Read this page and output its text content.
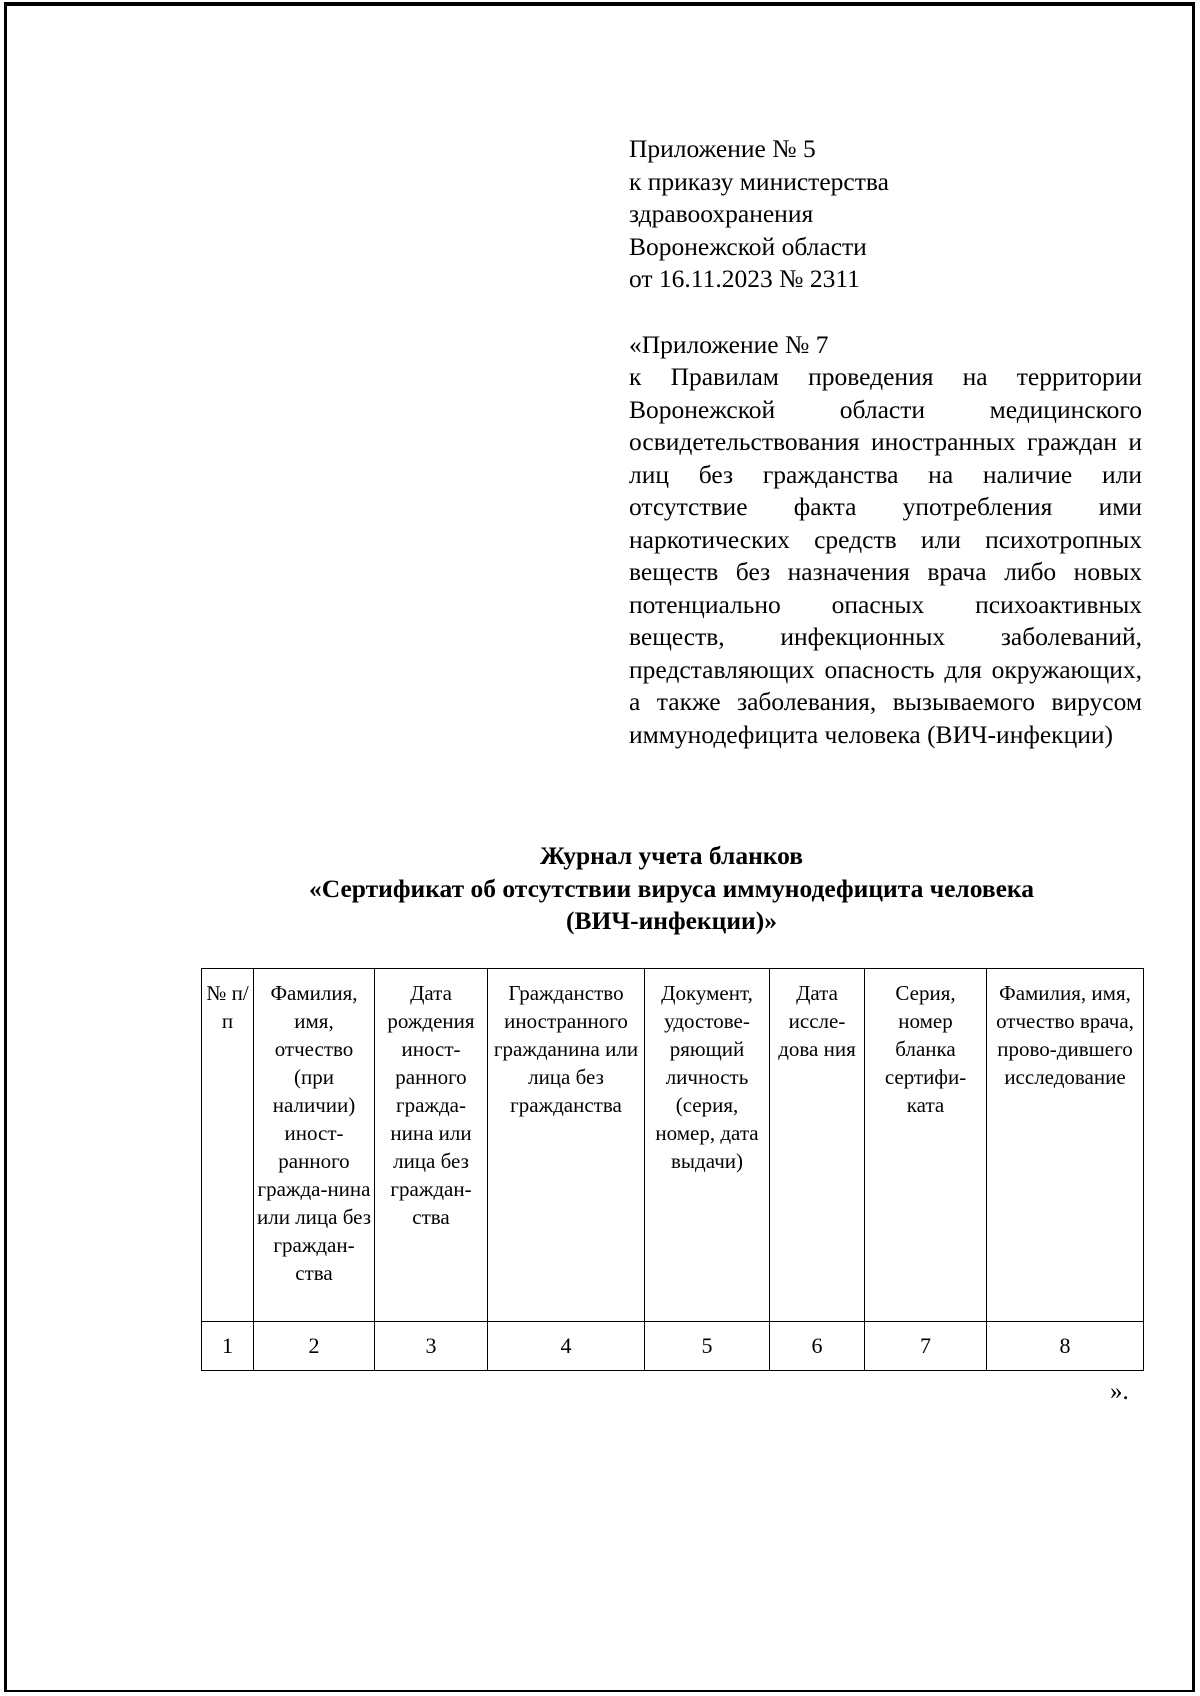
Приложение № 5
к приказу министерства
здравоохранения
Воронежской области
от 16.11.2023 № 2311
«Приложение № 7
к Правилам проведения на территории Воронежской области медицинского освидетельствования иностранных граждан и лиц без гражданства на наличие или отсутствие факта употребления ими наркотических средств или психотропных веществ без назначения врача либо новых потенциально опасных психоактивных веществ, инфекционных заболеваний, представляющих опасность для окружающих, а также заболевания, вызываемого вирусом иммунодефицита человека (ВИЧ-инфекции)
Журнал учета бланков
«Сертификат об отсутствии вируса иммунодефицита человека
(ВИЧ-инфекции)»
№ п/п	Фамилия, имя, отчество (при наличии) иност-ранного гражда-нина или лица без граждан-ства	Дата рождения иност-ранного гражда-нина или лица без граждан-ства	Гражданство иностранного гражданина или лица без гражданства	Документ, удостове-ряющий личность (серия, номер, дата выдачи)	Дата иссле-дова ния	Серия, номер бланка сертифи-ката	Фамилия, имя, отчество врача, прово-дившего исследование
1	2	3	4	5	6	7	8
».
